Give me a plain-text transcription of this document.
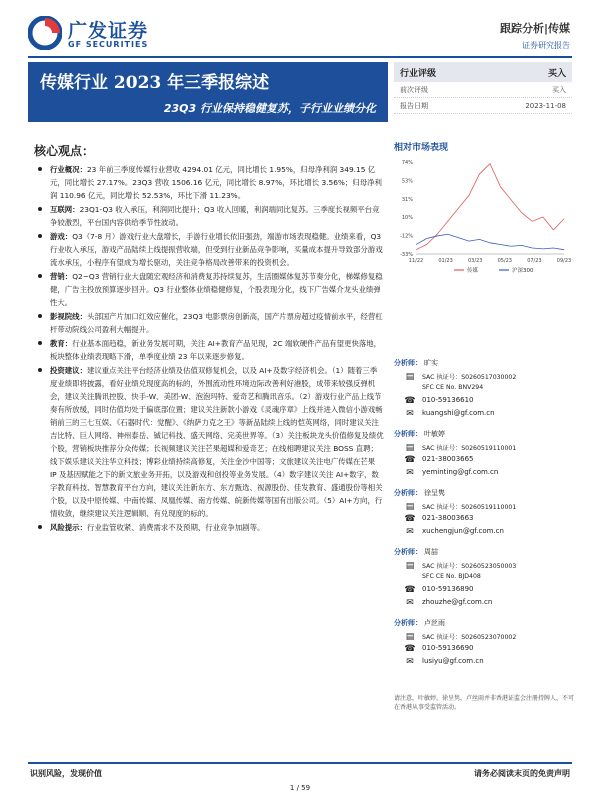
广发证券
GF SECURITIES
跟踪分析|传媒
证券研究报告
传媒行业 2023 年三季报综述
23Q3 行业保持稳健复苏，子行业业绩分化
行业评级	买入
前次评级	买入
报告日期	2023-11-08
相对市场表现
74%
53%
31%
10%
-12%
-33%
11/22	01/23	03/23	05/23	07/23	09/23
传媒	沪深300
核心观点：
行业概况：23 年前三季度传媒行业营收 4294.01 亿元，同比增长 1.95%，归母净利润 349.15 亿元，同比增长 27.17%。23Q3 营收 1506.16 亿元，同比增长 8.97%，环比增长 3.56%；归母净利润 110.96 亿元，同比增长 52.53%，环比下滑 11.23%。
互联网：23Q1-Q3 收入承压，利润同比提升；Q3 收入回暖，利润端同比复苏。三季度长视频平台竞争较激烈，平台国内容供给季节性波动。
游戏：Q3（7-8 月）游戏行业大盘增长，手游行业增长依旧强劲，端游市场表现稳健。业绩来看，Q3 行业收入承压，游戏产品陆续上线提振营收端，但受到行业新品竞争影响，买量成本提升导致部分游戏流水承压，小程序有望成为增长驱动，关注竞争格局改善带来的投资机会。
营销：Q2~Q3 营销行业大盘随宏观经济和消费复苏持续复苏，生活圈媒体复苏节奏分化，梯媒修复稳健，广告主投放预算逐步回升。Q3 行业整体业绩稳健修复，个股表现分化，线下广告媒介龙头业绩弹性大。
影视院线：头部国产片加口红效应催化，23Q3 电影票房创新高，国产片票房超过疫情前水平，经营杠杆带动院线公司盈利大幅提升。
教育：行业基本面趋稳，新业务发展可期，关注 AI+教育产品见现，2C 端软硬件产品有望更快落地，板块整体业绩表现略下滑，单季度业绩 23 年以来逐步修复。
投资建议：建议重点关注平台经济业绩及估值双修复机会，以及 AI+及数字经济机会。（1）随着三季度业绩即将披露，看好业绩兑现度高的标的，外围流动性环境边际改善利好港股，成带来较强反弹机会，建议关注腾讯控股、快手-W、美团-W、泡泡玛特、爱奇艺和腾讯音乐。（2）游戏行业产品上线节奏有所放缓，同时估值均处于偏底部位置；建议关注新款小游戏《灵魂序章》上线并进入微信小游戏畅销前三的三七互娱、《石器时代：觉醒》、《纳萨力克之王》等新品陆续上线的恺英网络，同时建议关注吉比特、巨人网络、神州泰岳、铖记科技、盛天网络、完美世界等。（3）关注板块龙头价值修复及绩优个股，营销板块推荐分众传媒；长视频建议关注芒果超媒和爱奇艺；在线相聘建议关注 BOSS 直聘；线下娱乐建议关注华立科技；博彩业绩持续高修复，关注金沙中国等；文旅建议关注电广传媒在芒果 IP 及基因赋能之下的新文旅业务开拓，以及游戏和创投等业务发展。（4）数字建议关注 AI+数字，数字教育科技、智慧教育平台方向，建议关注新东方、东方甄选、视源股份、佳发教育、盛通股份等相关个股，以及中原传媒、中南传媒、凤凰传媒、南方传媒、皖新传媒等国有出版公司。（5）AI+方向，行情收敛，继续建议关注逻辑顺、有兑现度的标的。
风险提示：行业监管收紧、消费需求不及预期、行业竞争加剧等。
分析师： 旷实
▤ SAC 执证号：S0260517030002
SFC CE No. BNV294
☎ 010-59136610
✉ kuangshi@gf.com.cn
分析师： 叶敏婷
▤ SAC 执证号：S0260519110001
☎ 021-38003665
✉ yeminting@gf.com.cn
分析师： 徐呈隽
▤ SAC 执证号：S0260519110001
☎ 021-38003663
✉ xuchengjun@gf.com.cn
分析师： 周喆
▤ SAC 执证号：S0260523050003
SFC CE No. BJD408
☎ 010-59136890
✉ zhouzhe@gf.com.cn
分析师： 卢丝雨
▤ SAC 执证号：S0260523070002
☎ 010-59136690
✉ lusiyu@gf.com.cn
请注意，叶敏婷，徐呈隽，卢丝雨并非香港证监会注册持牌人，不可在香港从事受监管活动。
识别风险，发现价值	请务必阅读末页的免责声明
1 / 59
